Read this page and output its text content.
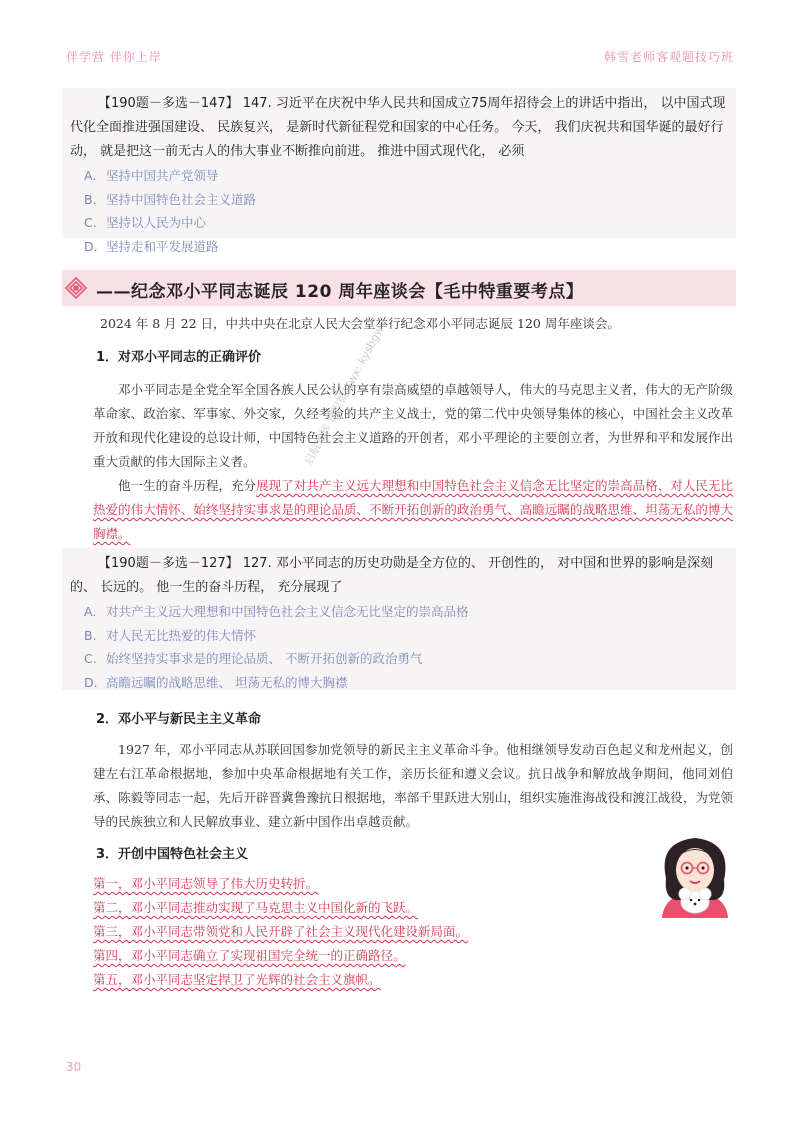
伴学营 伴你上岸	韩雪老师客观题技巧班

【190题－多选－147】 147. 习近平在庆祝中华人民共和国成立75周年招待会上的讲话中指出， 以中国式现代化全面推进强国建设、 民族复兴， 是新时代新征程党和国家的中心任务。 今天， 我们庆祝共和国华诞的最好行动， 就是把这一前无古人的伟大事业不断推向前进。 推进中国式现代化， 必须

A. 坚持中国共产党领导
B. 坚持中国特色社会主义道路
C. 坚持以人民为中心
D. 坚持走和平发展道路
——纪念邓小平同志诞辰 120 周年座谈会【毛中特重要考点】
2024 年 8 月 22 日，中共中央在北京人民大会堂举行纪念邓小平同志诞辰 120 周年座谈会。
1．对邓小平同志的正确评价

邓小平同志是全党全军全国各族人民公认的享有崇高威望的卓越领导人，伟大的马克思主义者，伟大的无产阶级革命家、政治家、军事家、外交家，久经考验的共产主义战士，党的第二代中央领导集体的核心，中国社会主义改革开放和现代化建设的总设计师，中国特色社会主义道路的开创者，邓小平理论的主要创立者，为世界和平和发展作出重大贡献的伟大国际主义者。

他一生的奋斗历程，充分展现了对共产主义远大理想和中国特色社会主义信念无比坚定的崇高品格、对人民无比热爱的伟大情怀、始终坚持实事求是的理论品质、不断开拓创新的政治勇气、高瞻远瞩的战略思维、坦荡无私的博大胸襟。

【190题－多选－127】 127. 邓小平同志的历史功勋是全方位的、 开创性的， 对中国和世界的影响是深刻的、 长远的。 他一生的奋斗历程， 充分展现了

A. 对共产主义远大理想和中国特色社会主义信念无比坚定的崇高品格
B. 对人民无比热爱的伟大情怀
C. 始终坚持实事求是的理论品质、 不断开拓创新的政治勇气
D. 高瞻远瞩的战略思维、 坦荡无私的博大胸襟
2．邓小平与新民主主义革命

1927 年，邓小平同志从苏联回国参加党领导的新民主主义革命斗争。他相继领导发动百色起义和龙州起义，创建左右江革命根据地，参加中央革命根据地有关工作，亲历长征和遵义会议。抗日战争和解放战争期间，他同刘伯承、陈毅等同志一起，先后开辟晋冀鲁豫抗日根据地，率部千里跃进大别山，组织实施淮海战役和渡江战役，为党领导的民族独立和人民解放事业、建立新中国作出卓越贡献。

3．开创中国特色社会主义
第一，邓小平同志领导了伟大历史转折。
第二，邓小平同志推动实现了马克思主义中国化新的飞跃。
第三，邓小平同志带领党和人民开辟了社会主义现代化建设新局面。
第四，邓小平同志确立了实现祖国完全统一的正确路径。
第五，邓小平同志坚定捍卫了光辉的社会主义旗帜。
启航光辉 课程微信wx: kysbgw
30
